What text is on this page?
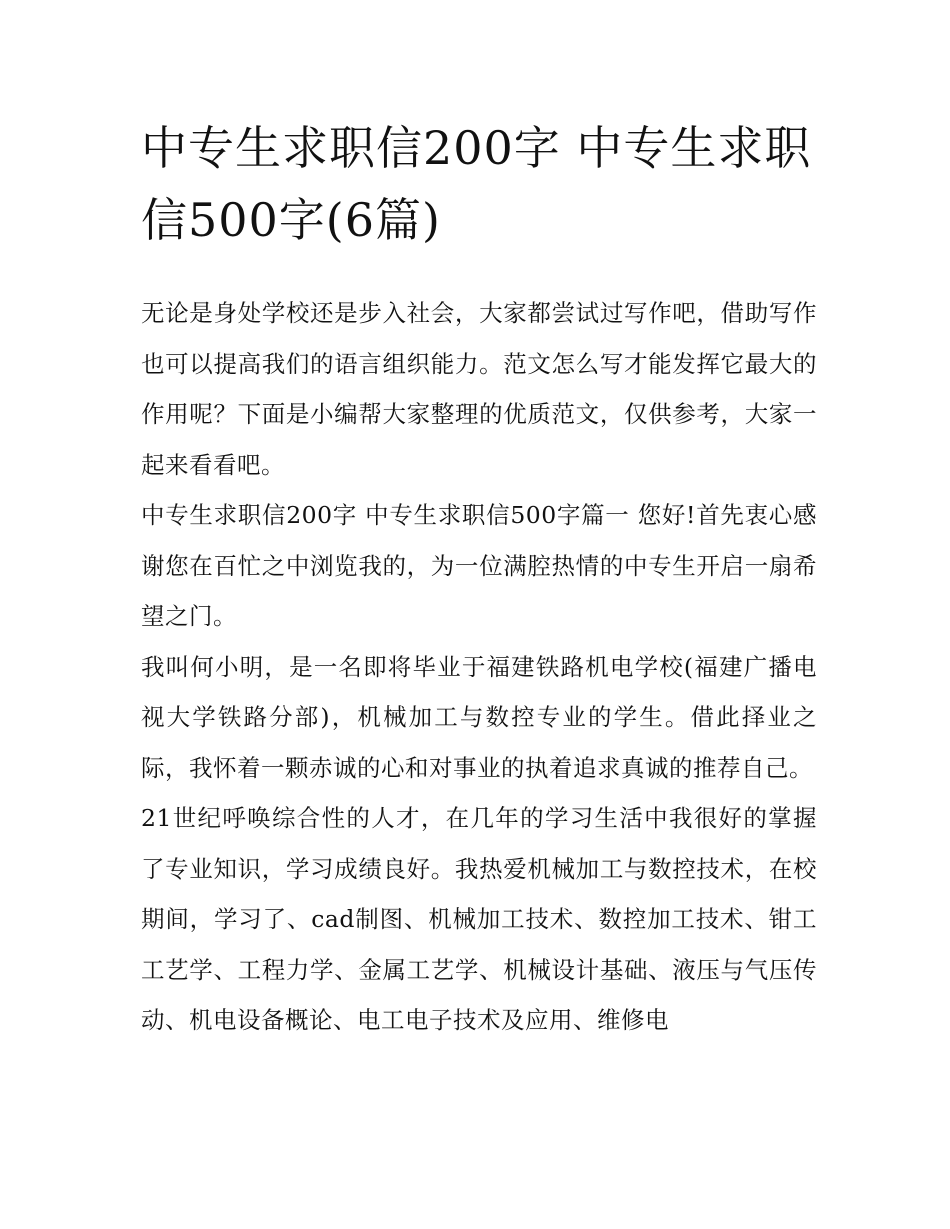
中专生求职信200字 中专生求职信500字(6篇)

无论是身处学校还是步入社会，大家都尝试过写作吧，借助写作也可以提高我们的语言组织能力。范文怎么写才能发挥它最大的作用呢？下面是小编帮大家整理的优质范文，仅供参考，大家一起来看看吧。

中专生求职信200字 中专生求职信500字篇一 您好!首先衷心感谢您在百忙之中浏览我的，为一位满腔热情的中专生开启一扇希望之门。

我叫何小明，是一名即将毕业于福建铁路机电学校(福建广播电视大学铁路分部)，机械加工与数控专业的学生。借此择业之际，我怀着一颗赤诚的心和对事业的执着追求真诚的推荐自己。

21世纪呼唤综合性的人才，在几年的学习生活中我很好的掌握了专业知识，学习成绩良好。我热爱机械加工与数控技术，在校期间，学习了、cad制图、机械加工技术、数控加工技术、钳工工艺学、工程力学、金属工艺学、机械设计基础、液压与气压传动、机电设备概论、电工电子技术及应用、维修电
